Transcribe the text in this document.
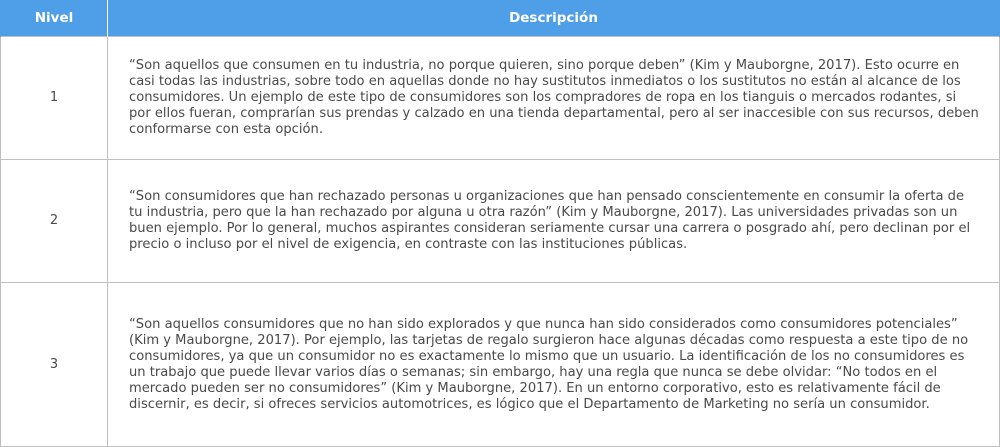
Nivel	Descripción
1	“Son aquellos que consumen en tu industria, no porque quieren, sino porque deben” (Kim y Mauborgne, 2017). Esto ocurre en casi todas las industrias, sobre todo en aquellas donde no hay sustitutos inmediatos o los sustitutos no están al alcance de los consumidores. Un ejemplo de este tipo de consumidores son los compradores de ropa en los tianguis o mercados rodantes, si por ellos fueran, comprarían sus prendas y calzado en una tienda departamental, pero al ser inaccesible con sus recursos, deben conformarse con esta opción.
2	“Son consumidores que han rechazado personas u organizaciones que han pensado conscientemente en consumir la oferta de tu industria, pero que la han rechazado por alguna u otra razón” (Kim y Mauborgne, 2017). Las universidades privadas son un buen ejemplo. Por lo general, muchos aspirantes consideran seriamente cursar una carrera o posgrado ahí, pero declinan por el precio o incluso por el nivel de exigencia, en contraste con las instituciones públicas.
3	“Son aquellos consumidores que no han sido explorados y que nunca han sido considerados como consumidores potenciales” (Kim y Mauborgne, 2017). Por ejemplo, las tarjetas de regalo surgieron hace algunas décadas como respuesta a este tipo de no consumidores, ya que un consumidor no es exactamente lo mismo que un usuario. La identificación de los no consumidores es un trabajo que puede llevar varios días o semanas; sin embargo, hay una regla que nunca se debe olvidar: “No todos en el mercado pueden ser no consumidores” (Kim y Mauborgne, 2017). En un entorno corporativo, esto es relativamente fácil de discernir, es decir, si ofreces servicios automotrices, es lógico que el Departamento de Marketing no sería un consumidor.
